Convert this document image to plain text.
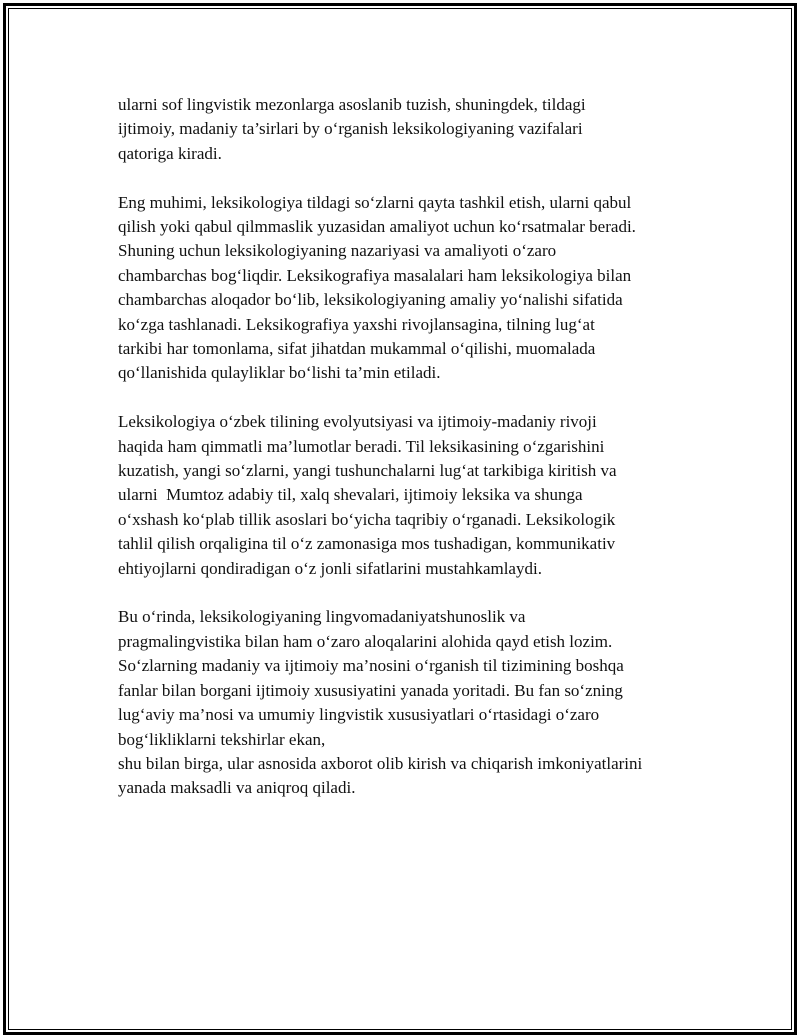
ularni sof lingvistik mezonlarga asoslanib tuzish, shuningdek, tildagi
ijtimoiy, madaniy ta’sirlari by o‘rganish leksikologiyaning vazifalari
qatoriga kiradi.

Eng muhimi, leksikologiya tildagi so‘zlarni qayta tashkil etish, ularni qabul
qilish yoki qabul qilmmaslik yuzasidan amaliyot uchun ko‘rsatmalar beradi.
Shuning uchun leksikologiyaning nazariyasi va amaliyoti o‘zaro
chambarchas bog‘liqdir. Leksikografiya masalalari ham leksikologiya bilan
chambarchas aloqador bo‘lib, leksikologiyaning amaliy yo‘nalishi sifatida
ko‘zga tashlanadi. Leksikografiya yaxshi rivojlansagina, tilning lug‘at
tarkibi har tomonlama, sifat jihatdan mukammal o‘qilishi, muomalada
qo‘llanishida qulayliklar bo‘lishi ta’min etiladi.

Leksikologiya o‘zbek tilining evolyutsiyasi va ijtimoiy-madaniy rivoji
haqida ham qimmatli ma’lumotlar beradi. Til leksikasining o‘zgarishini
kuzatish, yangi so‘zlarni, yangi tushunchalarni lug‘at tarkibiga kiritish va
ularni  Mumtoz adabiy til, xalq shevalari, ijtimoiy leksika va shunga
o‘xshash ko‘plab tillik asoslari bo‘yicha taqribiy o‘rganadi. Leksikologik
tahlil qilish orqaligina til o‘z zamonasiga mos tushadigan, kommunikativ
ehtiyojlarni qondiradigan o‘z jonli sifatlarini mustahkamlaydi.

Bu o‘rinda, leksikologiyaning lingvomadaniyatshunoslik va
pragmalingvistika bilan ham o‘zaro aloqalarini alohida qayd etish lozim.
So‘zlarning madaniy va ijtimoiy ma’nosini o‘rganish til tizimining boshqa
fanlar bilan borgani ijtimoiy xususiyatini yanada yoritadi. Bu fan so‘zning
lug‘aviy ma’nosi va umumiy lingvistik xususiyatlari o‘rtasidagi o‘zaro
bog‘likliklarni tekshirlar ekan,
shu bilan birga, ular asnosida axborot olib kirish va chiqarish imkoniyatlarini
yanada maksadli va aniqroq qiladi.
